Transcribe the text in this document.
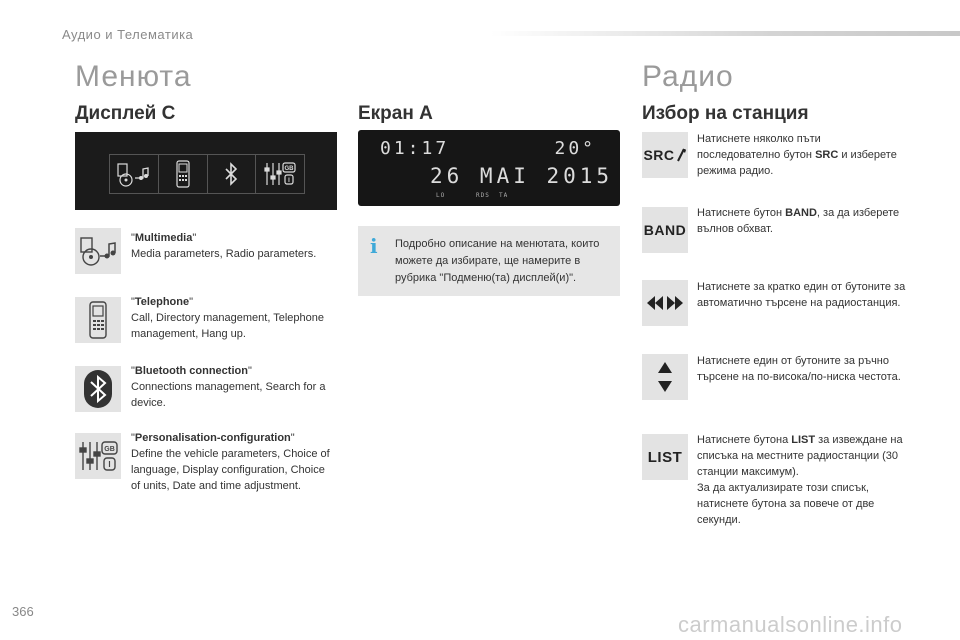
Аудио и Телематика
Менюта
Дисплей С
GB
I
"Multimedia"
Media parameters, Radio parameters.
"Telephone"
Call, Directory management, Telephone management, Hang up.
"Bluetooth connection"
Connections management, Search for a device.
GB
I
"Personalisation-configuration"
Define the vehicle parameters, Choice of language, Display configuration, Choice of units, Date and time adjustment.
Екран А
01:17	20°
26 MAI 2015
LO	RDS TA
i Подробно описание на менютата, които можете да избирате, ще намерите в рубрика "Подменю(та) дисплей(и)".
Радио
Избор на станция
SRC
Натиснете няколко пъти последователно бутон SRC и изберете режима радио.
BAND
Натиснете бутон BAND, за да изберете вълнов обхват.
Натиснете за кратко един от бутоните за автоматично търсене на радиостанция.
Натиснете един от бутоните за ръчно търсене на по-висока/по-ниска честота.
LIST
Натиснете бутона LIST за извеждане на списъка на местните радиостанции (30 станции максимум).
За да актуализирате този списък, натиснете бутона за повече от две секунди.
366
carmanualsonline.info
